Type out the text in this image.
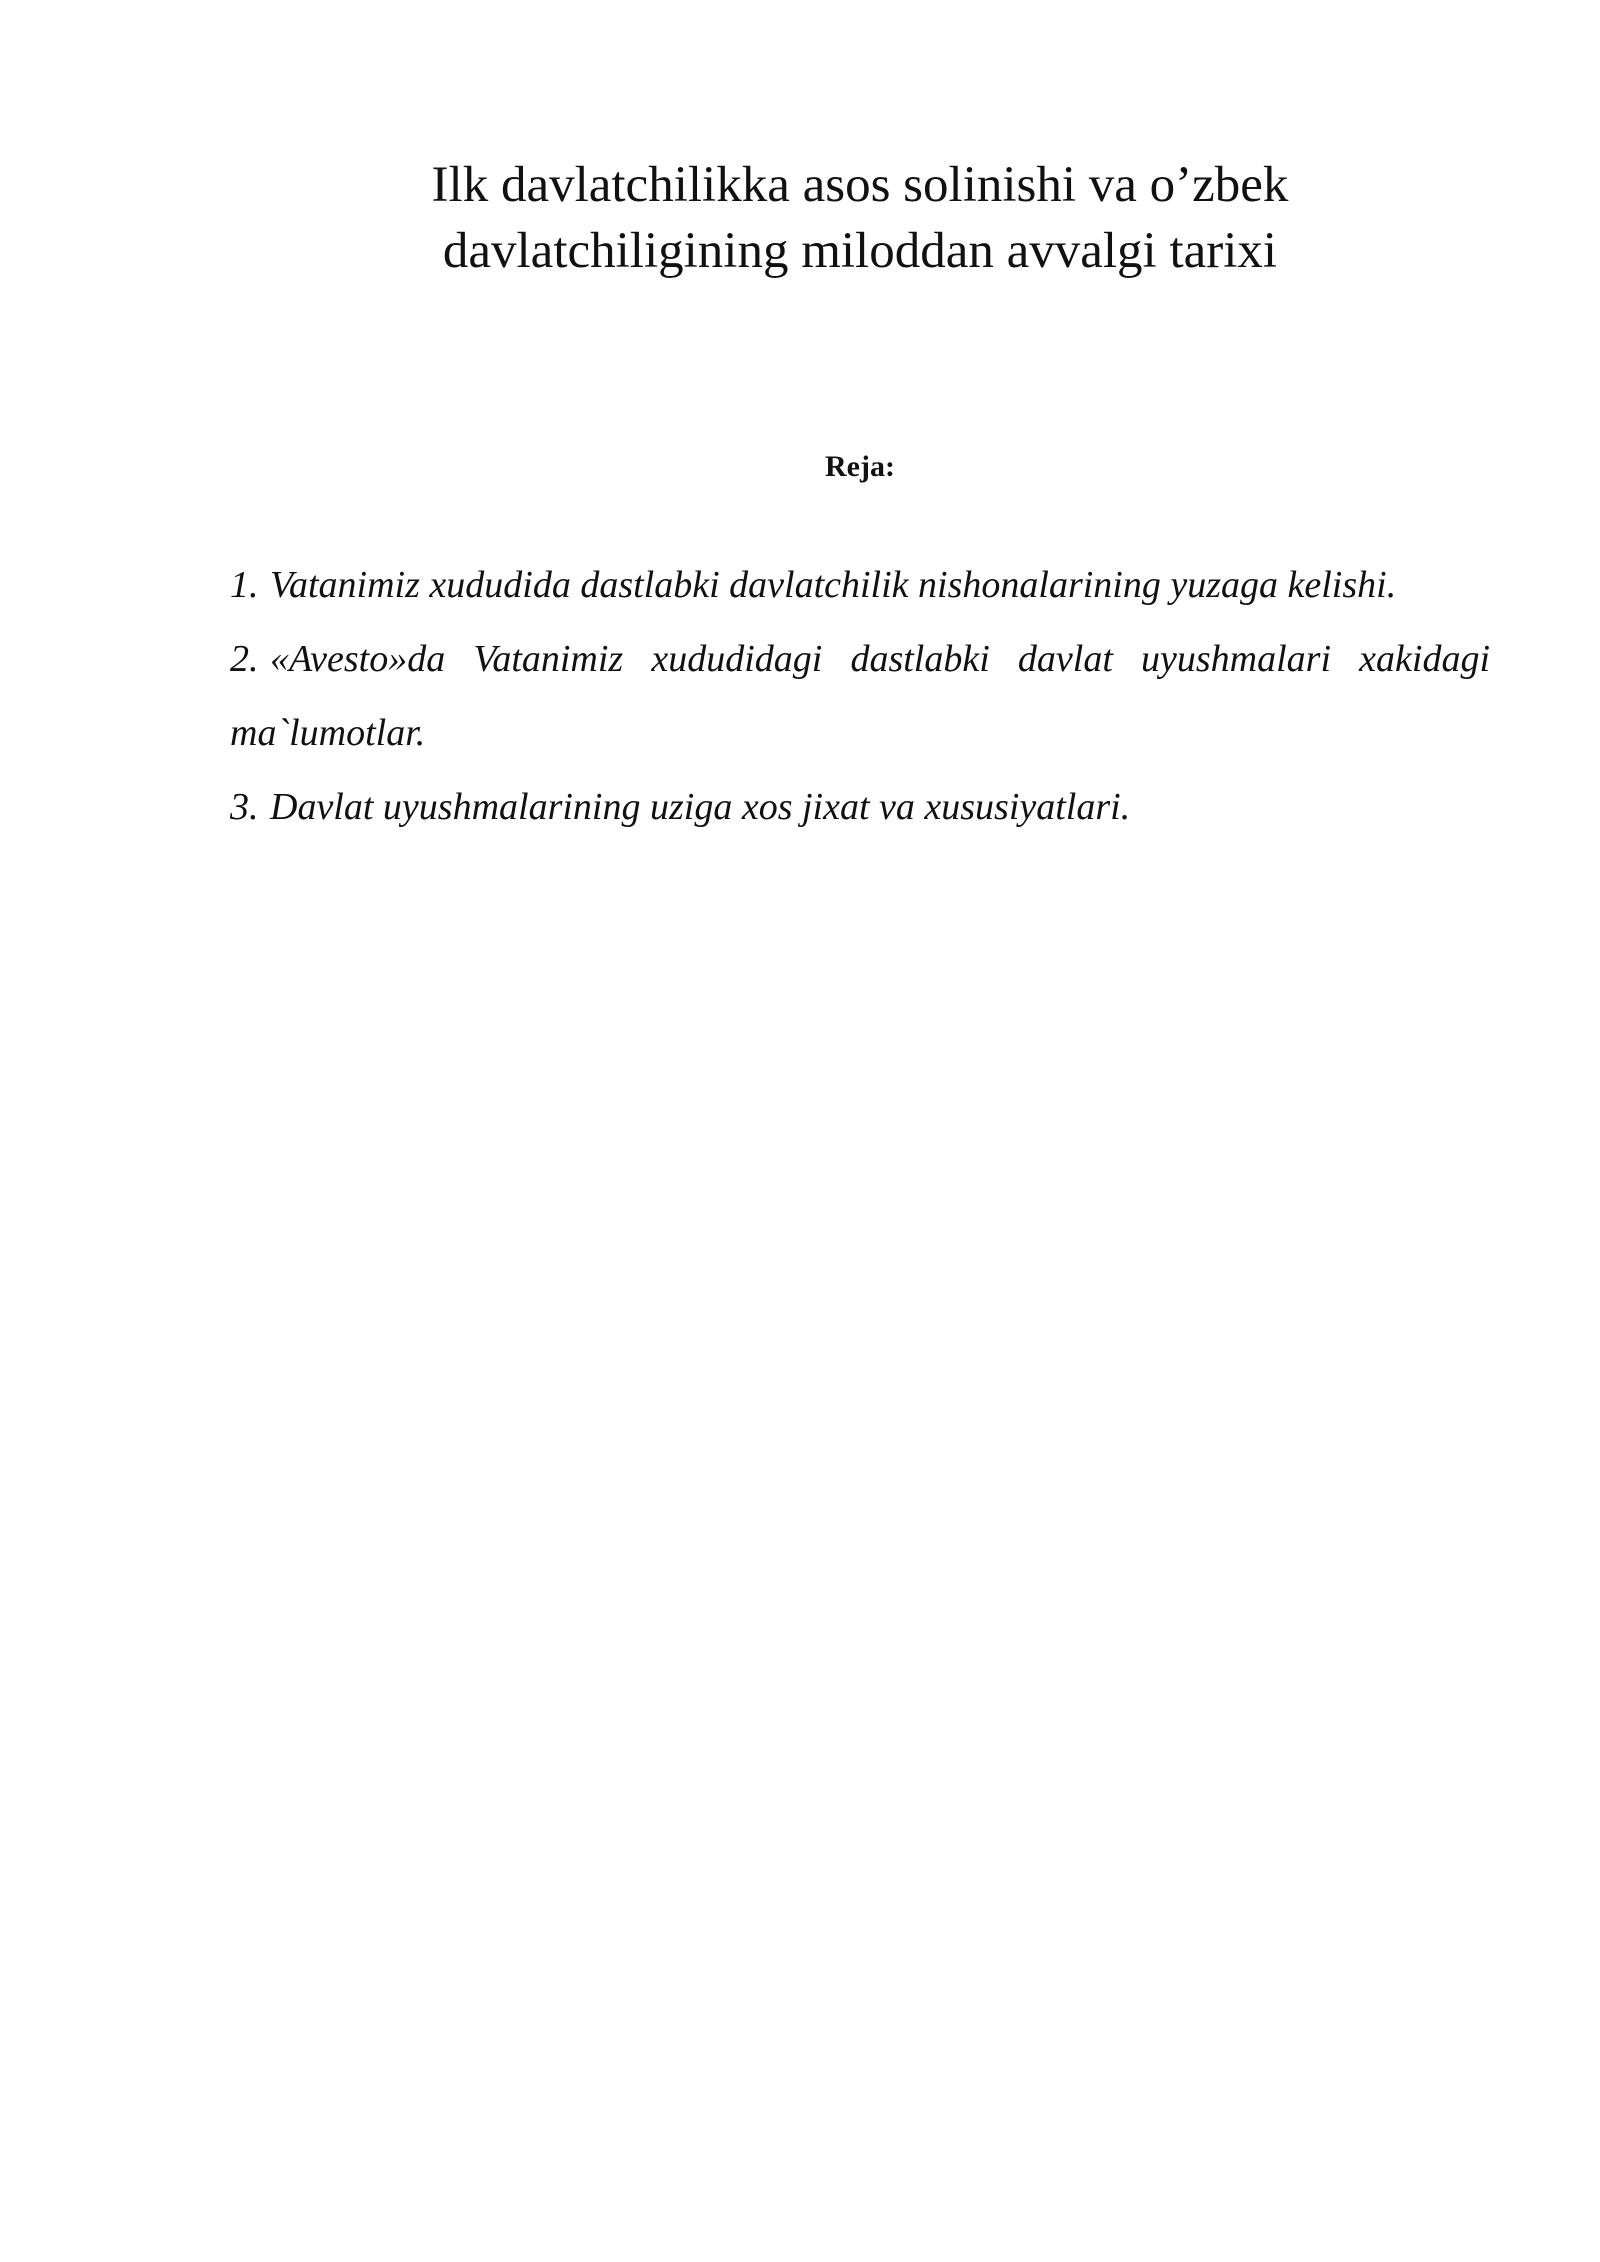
Ilk davlatchilikka asos solinishi va o’zbek
davlatchiligining miloddan avvalgi tarixi
Reja:
1. Vatanimiz xududida dastlabki davlatchilik nishonalarining yuzaga kelishi.
2. «Avesto»da Vatanimiz xududidagi dastlabki davlat uyushmalari xakidagi ma`lumotlar.
3. Davlat uyushmalarining uziga xos jixat va xususiyatlari.
